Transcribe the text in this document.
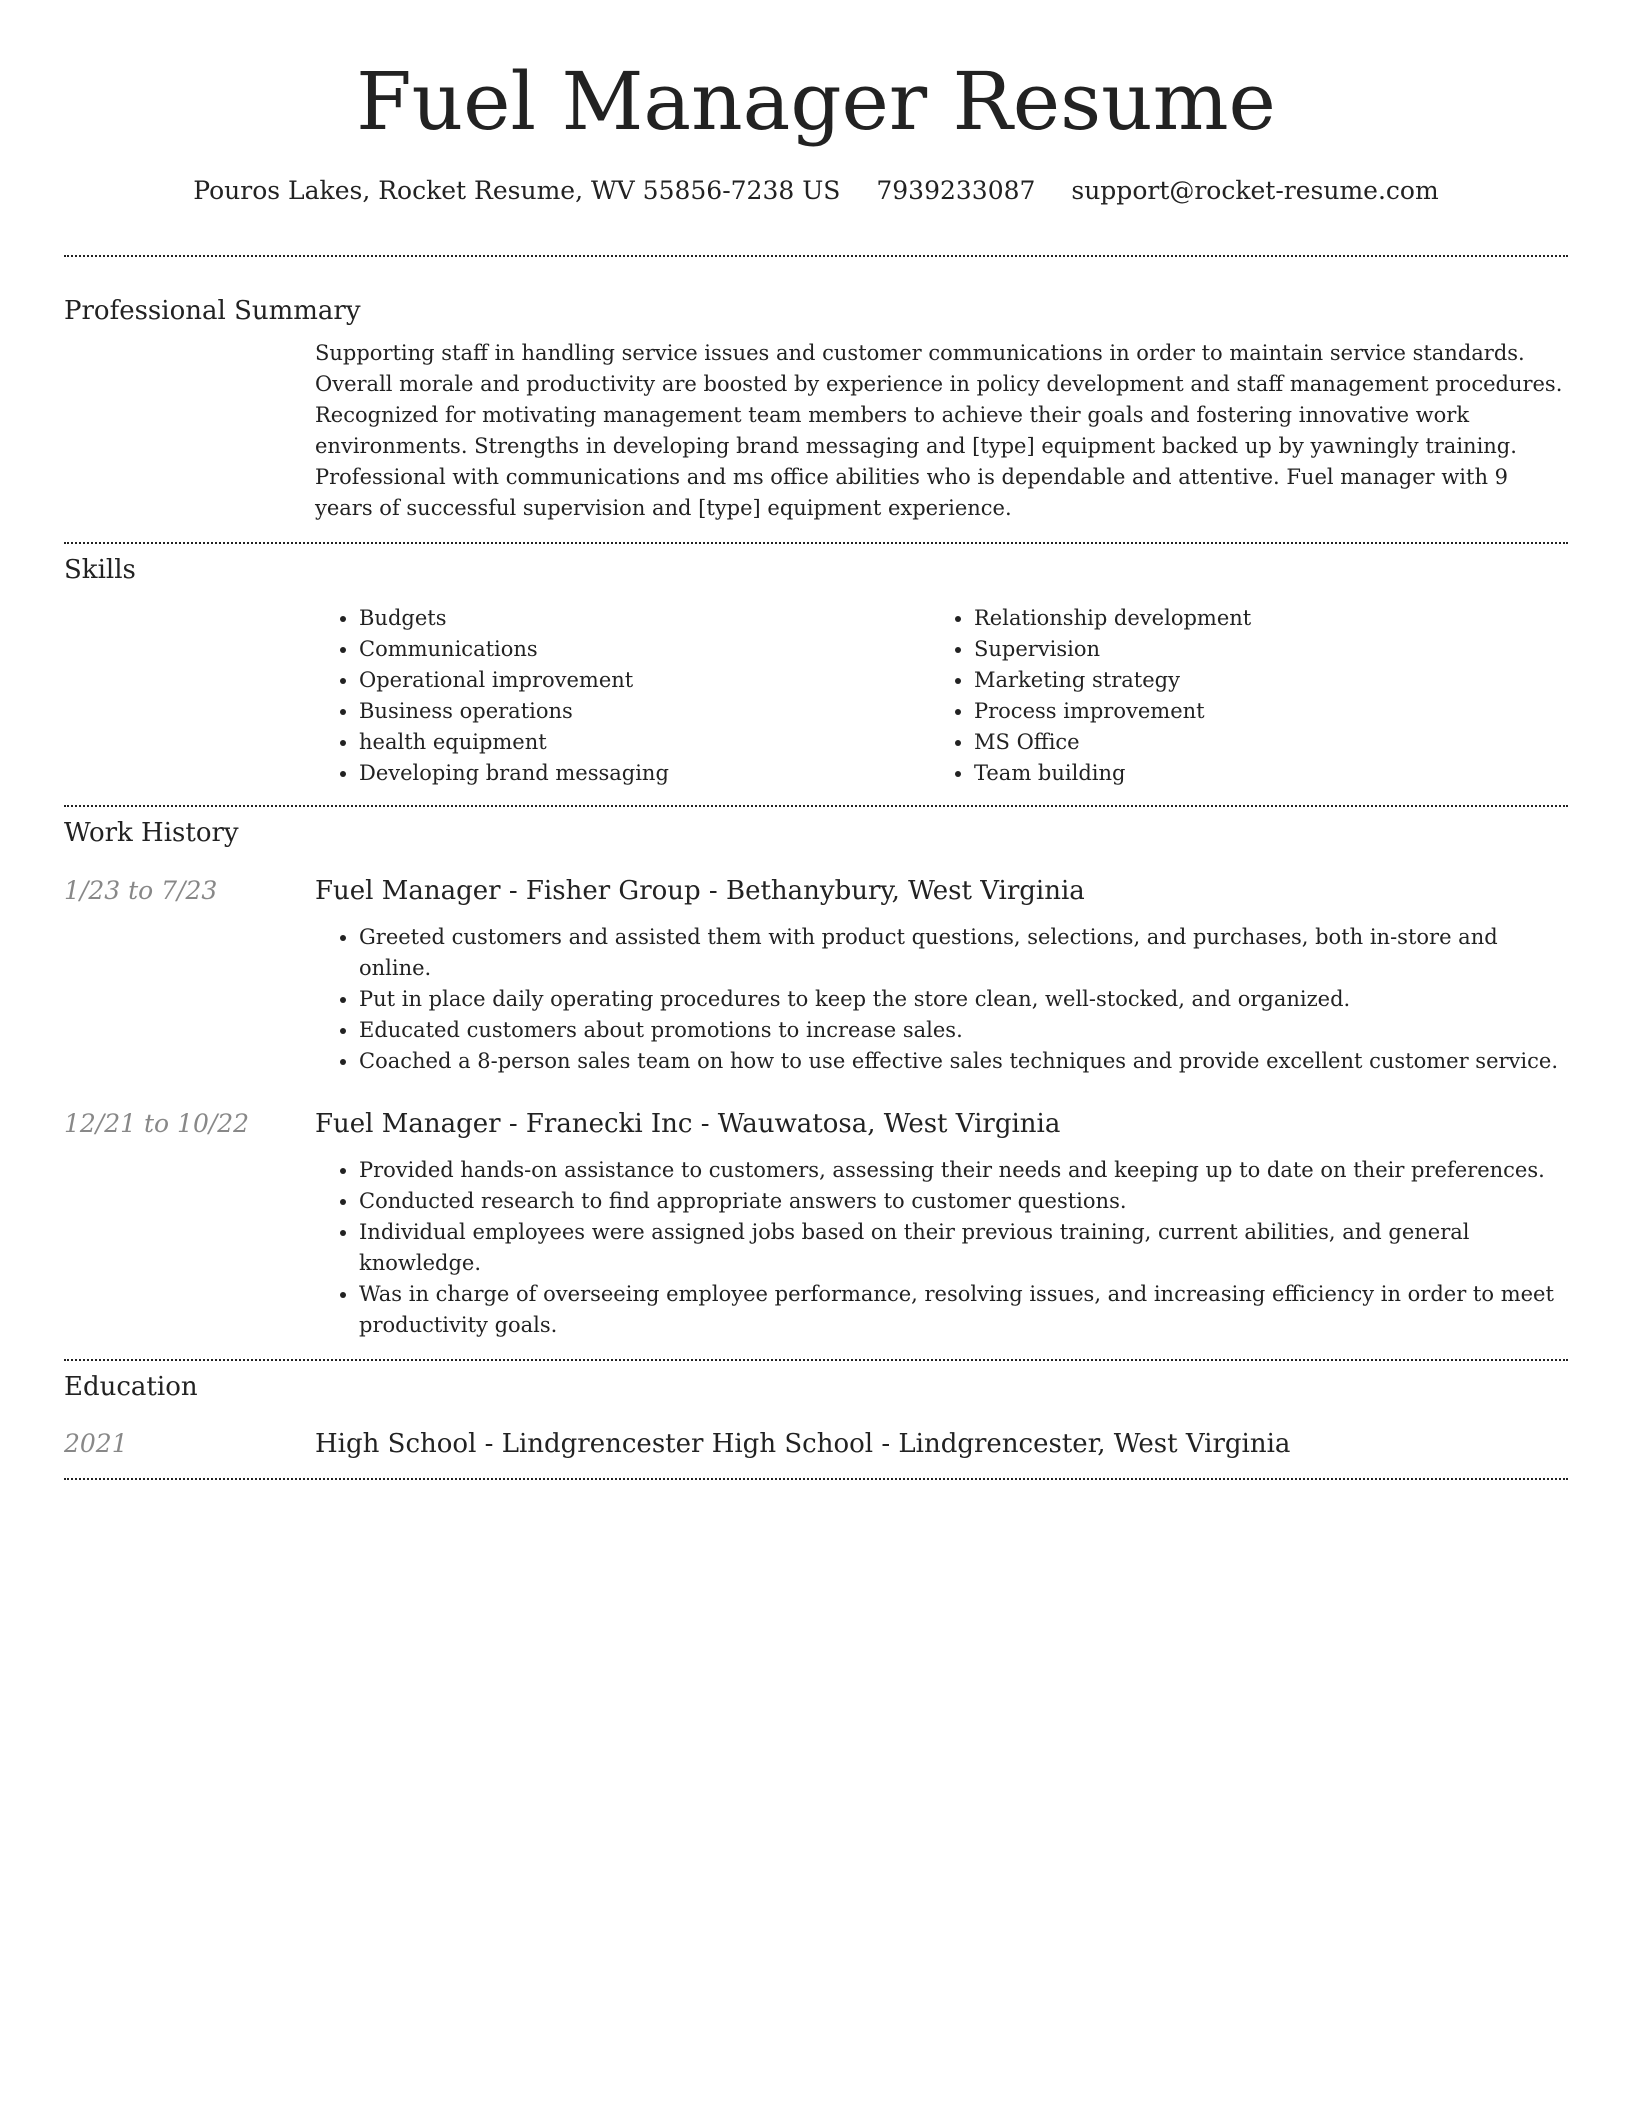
Fuel Manager Resume
Pouros Lakes, Rocket Resume, WV 55856-7238 US 7939233087 support@rocket-resume.com
Professional Summary

Supporting staff in handling service issues and customer communications in order to maintain service standards. Overall morale and productivity are boosted by experience in policy development and staff management procedures. Recognized for motivating management team members to achieve their goals and fostering innovative work environments. Strengths in developing brand messaging and [type] equipment backed up by yawningly training. Professional with communications and ms office abilities who is dependable and attentive. Fuel manager with 9 years of successful supervision and [type] equipment experience.

Skills
• Budgets
• Communications
• Operational improvement
• Business operations
• health equipment
• Developing brand messaging
• Relationship development
• Supervision
• Marketing strategy
• Process improvement
• MS Office
• Team building
Work History
1/23 to 7/23	Fuel Manager - Fisher Group - Bethanybury, West Virginia
• Greeted customers and assisted them with product questions, selections, and purchases, both in-store and online.
• Put in place daily operating procedures to keep the store clean, well-stocked, and organized.
• Educated customers about promotions to increase sales.
• Coached a 8-person sales team on how to use effective sales techniques and provide excellent customer service.
12/21 to 10/22	Fuel Manager - Franecki Inc - Wauwatosa, West Virginia
• Provided hands-on assistance to customers, assessing their needs and keeping up to date on their preferences.
• Conducted research to find appropriate answers to customer questions.
• Individual employees were assigned jobs based on their previous training, current abilities, and general knowledge.
• Was in charge of overseeing employee performance, resolving issues, and increasing efficiency in order to meet productivity goals.
Education
2021	High School - Lindgrencester High School - Lindgrencester, West Virginia
